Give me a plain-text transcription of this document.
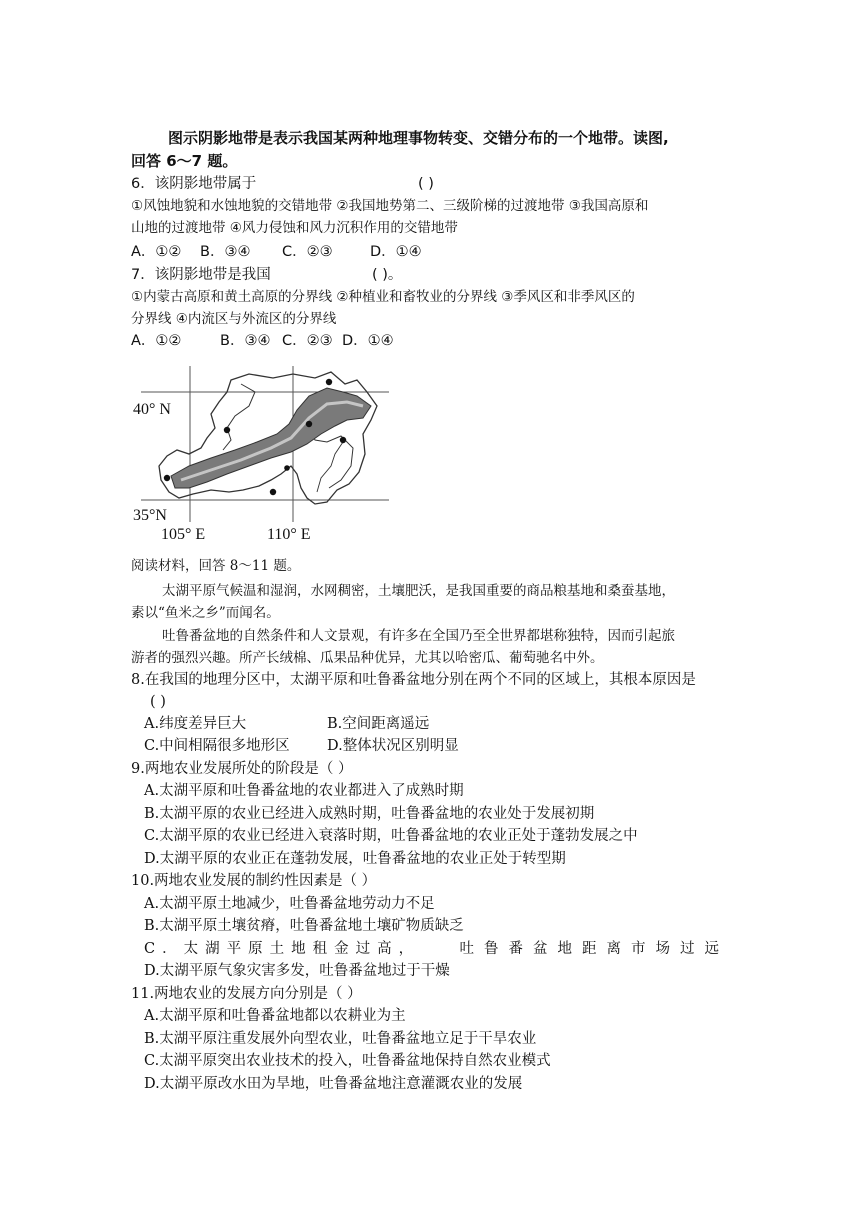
图示阴影地带是表示我国某两种地理事物转变、交错分布的一个地带。读图,
回答 6～7 题。
6．该阴影地带属于	( )
①风蚀地貌和水蚀地貌的交错地带 ②我国地势第二、三级阶梯的过渡地带 ③我国高原和
山地的过渡地带 ④风力侵蚀和风力沉积作用的交错地带
A．①② B．③④ C．②③	D．①④
7．该阴影地带是我国	( )。
①内蒙古高原和黄土高原的分界线 ②种植业和畜牧业的分界线 ③季风区和非季风区的
分界线 ④内流区与外流区的分界线
A．①②	B．③④ C．②③ D．①④
40° N
35°N
105° E	110° E
阅读材料，回答 8～11 题。
太湖平原气候温和湿润，水网稠密，土壤肥沃，是我国重要的商品粮基地和桑蚕基地，
素以“鱼米之乡”而闻名。
吐鲁番盆地的自然条件和人文景观，有许多在全国乃至全世界都堪称独特，因而引起旅
游者的强烈兴趣。所产长绒棉、瓜果品种优异，尤其以哈密瓜、葡萄驰名中外。
8.在我国的地理分区中，太湖平原和吐鲁番盆地分别在两个不同的区域上，其根本原因是
( )
A.纬度差异巨大	B.空间距离遥远
C.中间相隔很多地形区	D.整体状况区别明显
9.两地农业发展所处的阶段是（ ）
A.太湖平原和吐鲁番盆地的农业都进入了成熟时期
B.太湖平原的农业已经进入成熟时期，吐鲁番盆地的农业处于发展初期
C.太湖平原的农业已经进入衰落时期，吐鲁番盆地的农业正处于蓬勃发展之中
D.太湖平原的农业正在蓬勃发展，吐鲁番盆地的农业正处于转型期
10.两地农业发展的制约性因素是（ ）
A.太湖平原土地减少，吐鲁番盆地劳动力不足
B.太湖平原土壤贫瘠，吐鲁番盆地土壤矿物质缺乏
C．太湖平原土地租金过高，	吐鲁番盆地距离市场过远
D.太湖平原气象灾害多发，吐鲁番盆地过于干燥
11.两地农业的发展方向分别是（ ）
A.太湖平原和吐鲁番盆地都以农耕业为主
B.太湖平原注重发展外向型农业，吐鲁番盆地立足于干旱农业
C.太湖平原突出农业技术的投入，吐鲁番盆地保持自然农业模式
D.太湖平原改水田为旱地，吐鲁番盆地注意灌溉农业的发展
